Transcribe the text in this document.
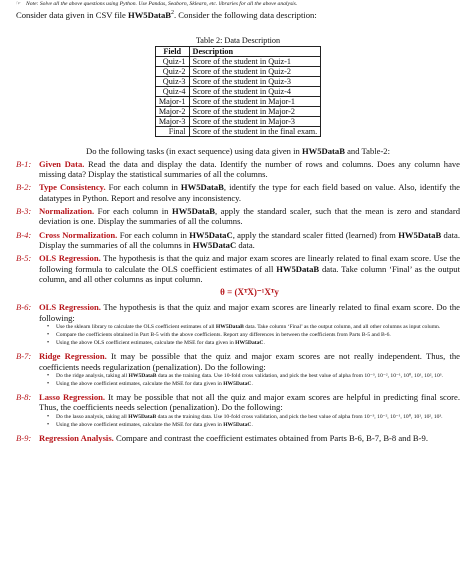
☞ Note: Solve all the above questions using Python. Use Pandas, Seaborn, Sklearn, etc. libraries for all the above analysis.
Consider data given in CSV file HW5DataB$^2$. Consider the following data description:
Table 2: Data Description
Field	Description
Quiz-1	Score of the student in Quiz-1
Quiz-2	Score of the student in Quiz-2
Quiz-3	Score of the student in Quiz-3
Quiz-4	Score of the student in Quiz-4
Major-1	Score of the student in Major-1
Major-2	Score of the student in Major-2
Major-3	Score of the student in Major-3
Final	Score of the student in the final exam.
Do the following tasks (in exact sequence) using data given in HW5DataB and Table-2:
B-1: Given Data. Read the data and display the data. Identify the number of rows and columns. Does any column have missing data? Display the statistical summaries of all the columns.
B-2: Type Consistency. For each column in HW5DataB, identify the type for each field based on value. Also, identify the datatypes in Python. Report and resolve any inconsistency.
B-3: Normalization. For each column in HW5DataB, apply the standard scaler, such that the mean is zero and standard deviation is one. Display the summaries of all the columns.
B-4: Cross Normalization. For each column in HW5DataC, apply the standard scaler fitted (learned) from HW5DataB data. Display the summaries of all the columns in HW5DataC data.
B-5: OLS Regression. The hypothesis is that the quiz and major exam scores are linearly related to final exam score. Use the following formula to calculate the OLS coefficient estimates of all HW5DataB data. Take column ‘Final’ as the output column, and all other columns as input column.
θ = (XᵀX)⁻¹Xᵀy
B-6: OLS Regression. The hypothesis is that the quiz and major exam scores are linearly related to final exam score. Do the following:
• Use the sklearn library to calculate the OLS coefficient estimates of all HW5DataB data. Take column ‘Final’ as the output column, and all other columns as input column.
• Compare the coefficients obtained in Part B-5 with the above coefficients. Report any differences in between the coefficients from Parts B-5 and B-6.
• Using the above OLS coefficient estimates, calculate the MSE for data given in HW5DataC.
B-7: Ridge Regression. It may be possible that the quiz and major exam scores are not really independent. Thus, the coefficients needs regularization (penalization). Do the following:
• Do the ridge analysis, taking all HW5DataB data as the training data. Use 10-fold cross validation, and pick the best value of alpha from 10⁻³, 10⁻², 10⁻¹, 10⁰, 10¹, 10², 10³.
• Using the above coefficient estimates, calculate the MSE for data given in HW5DataC.
B-8: Lasso Regression. It may be possible that not all the quiz and major exam scores are helpful in predicting final score. Thus, the coefficients needs selection (penalization). Do the following:
• Do the lasso analysis, taking all HW5DataB data as the training data. Use 10-fold cross validation, and pick the best value of alpha from 10⁻³, 10⁻², 10⁻¹, 10⁰, 10¹, 10², 10³.
• Using the above coefficient estimates, calculate the MSE for data given in HW5DataC.
B-9: Regression Analysis. Compare and contrast the coefficient estimates obtained from Parts B-6, B-7, B-8 and B-9.
